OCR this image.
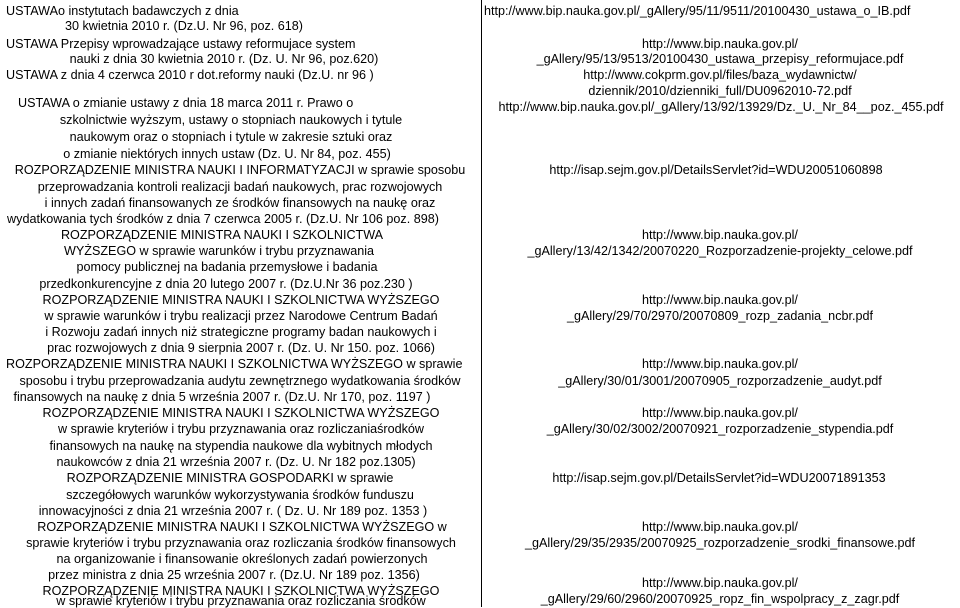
USTAWAo instytutach badawczych z dnia
30 kwietnia 2010 r. (Dz.U. Nr 96, poz. 618)
USTAWA Przepisy wprowadzające ustawy reformujace system
nauki z dnia 30 kwietnia 2010 r. (Dz. U. Nr 96, poz.620)
USTAWA z dnia 4 czerwca 2010 r dot.reformy nauki (Dz.U. nr 96 )
USTAWA o zmianie ustawy z dnia 18 marca 2011 r. Prawo o
szkolnictwie wyższym, ustawy o stopniach naukowych i tytule
naukowym oraz o stopniach i tytule w zakresie sztuki oraz
o zmianie niektórych innych ustaw (Dz. U. Nr 84, poz. 455)
ROZPORZĄDZENIE MINISTRA NAUKI I INFORMATYZACJI w sprawie sposobu
przeprowadzania kontroli realizacji badań naukowych, prac rozwojowych
i innych zadań finansowanych ze środków finansowych na naukę oraz
wydatkowania tych środków z dnia 7 czerwca 2005 r. (Dz.U. Nr 106 poz. 898)
ROZPORZĄDZENIE MINISTRA NAUKI I SZKOLNICTWA
WYŻSZEGO w sprawie warunków i trybu przyznawania
pomocy publicznej na badania przemysłowe i badania
przedkonkurencyjne z dnia 20 lutego 2007 r. (Dz.U.Nr 36 poz.230 )
ROZPORZĄDZENIE MINISTRA NAUKI I SZKOLNICTWA WYŻSZEGO
w sprawie warunków i trybu realizacji przez Narodowe Centrum Badań
i Rozwoju zadań innych niż strategiczne programy badan naukowych i
prac rozwojowych z dnia 9 sierpnia 2007 r. (Dz. U. Nr 150. poz. 1066)
ROZPORZĄDZENIE MINISTRA NAUKI I SZKOLNICTWA WYŻSZEGO w sprawie
sposobu i trybu przeprowadzania audytu zewnętrznego wydatkowania środków
finansowych na naukę z dnia 5 września 2007 r. (Dz.U. Nr 170, poz. 1197 )
ROZPORZĄDZENIE MINISTRA NAUKI I SZKOLNICTWA WYŻSZEGO
w sprawie kryteriów i trybu przyznawania oraz rozliczaniaśrodków
finansowych na naukę na stypendia naukowe dla wybitnych młodych
naukowców z dnia 21 września 2007 r. (Dz. U. Nr 182 poz.1305)
ROZPORZĄDZENIE MINISTRA GOSPODARKI w sprawie
szczegółowych warunków wykorzystywania środków funduszu
innowacyjności z dnia 21 września 2007 r. ( Dz. U. Nr 189 poz. 1353 )
ROZPORZĄDZENIE MINISTRA NAUKI I SZKOLNICTWA WYŻSZEGO w
sprawie kryteriów i trybu przyznawania oraz rozliczania środków finansowych
na organizowanie i finansowanie określonych zadań powierzonych
przez ministra z dnia 25 września 2007 r. (Dz.U. Nr 189 poz. 1356)
ROZPORZĄDZENIE MINISTRA NAUKI I SZKOLNICTWA WYŻSZEGO
w sprawie kryteriów i trybu przyznawania oraz rozliczania środków
http://www.bip.nauka.gov.pl/_gAllery/95/11/9511/20100430_ustawa_o_IB.pdf
http://www.bip.nauka.gov.pl/
_gAllery/95/13/9513/20100430_ustawa_przepisy_reformujace.pdf
http://www.cokprm.gov.pl/files/baza_wydawnictw/
dziennik/2010/dzienniki_full/DU0962010-72.pdf
http://www.bip.nauka.gov.pl/_gAllery/13/92/13929/Dz._U._Nr_84__poz._455.pdf
http://isap.sejm.gov.pl/DetailsServlet?id=WDU20051060898
http://www.bip.nauka.gov.pl/
_gAllery/13/42/1342/20070220_Rozporzadzenie-projekty_celowe.pdf
http://www.bip.nauka.gov.pl/
_gAllery/29/70/2970/20070809_rozp_zadania_ncbr.pdf
http://www.bip.nauka.gov.pl/
_gAllery/30/01/3001/20070905_rozporzadzenie_audyt.pdf
http://www.bip.nauka.gov.pl/
_gAllery/30/02/3002/20070921_rozporzadzenie_stypendia.pdf
http://isap.sejm.gov.pl/DetailsServlet?id=WDU20071891353
http://www.bip.nauka.gov.pl/
_gAllery/29/35/2935/20070925_rozporzadzenie_srodki_finansowe.pdf
http://www.bip.nauka.gov.pl/
_gAllery/29/60/2960/20070925_ropz_fin_wspolpracy_z_zagr.pdf
